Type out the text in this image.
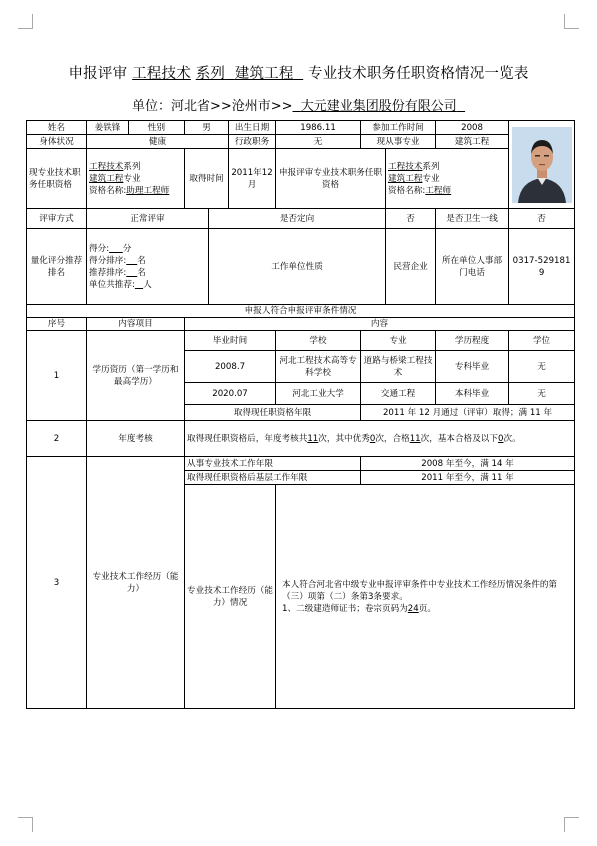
申报评审 工程技术 系列 建筑工程 专业技术职务任职资格情况一览表
单位：河北省>>沧州市>> 大元建业集团股份有限公司
姓名	姜铁锋	性别	男		出生日期	1986.11	参加工作时间		2008	

身体状况	健康				行政职务	无	现从事专业		建筑工程	
现专业技术职务任职资格	工程技术系列
建筑工程专业
资格名称:助理工程师		取得时间		2011年12月	申报评审专业技术职务任职资格		工程技术系列
建筑工程专业
资格名称:工程师		
评审方式	正常评审			是否定向				否	是否卫生一线	否
量化评分推荐排名	得分: 分
得分排序: 名
推荐排序: 名
单位共推荐: 人			工作单位性质				民营企业	所在单位人事部门电话	0317-5291819
申报人符合申报评审条件情况										
序号	内容项目		内容							
1	学历资历（第一学历和最高学历）		毕业时间			学校	专业		学历程度	学位
			2008.7			河北工程技术高等专科学校	道路与桥梁工程技术		专科毕业	无
			2020.07			河北工业大学	交通工程		本科毕业	无
			取得现任职资格年限				2011 年 12 月通过（评审）取得；满 11 年			
2	年度考核		取得现任职资格后，年度考核共11次，其中优秀0次，合格11次，基本合格及以下0次。							
3	专业技术工作经历（能力）		从事专业技术工作年限				2008 年至今，满 14 年			
			取得现任职资格后基层工作年限				2011 年至今，满 11 年			
			专业技术工作经历（能力）情况			本人符合河北省中级专业申报评审条件中专业技术工作经历情况条件的第（三）项第（二）条第3条要求。
1、二级建造师证书；卷宗页码为24页。				
